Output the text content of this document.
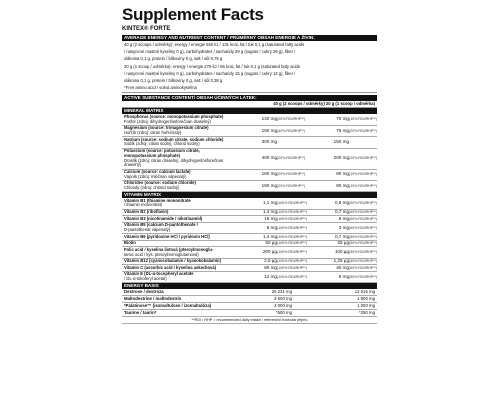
Supplement Facts
KINTEX® FORTE
AVERAGE ENERGY AND NUTRIENT CONTENT / PRŮMĚRNÝ OBSAH ENERGIE A ŽIVIN:
40 g (2 scoops / odměrky): energy / energie 550 kJ / 131 kcal, fat / tuk 0,1 g (saturated fatty acids
/ nasycené mastné kyseliny 0 g), carbohydrates / sacharidy 29 g (sugars / cukry 29 g), fiber /
vláknina 0,1 g, protein / bílkoviny 0 g, salt / sůl 0,75 g
20 g (1 scoop / odměrka): energy / energie 275 kJ / 66 kcal, fat / tuk 0,1 g (saturated fatty acids
/ nasycené mastné kyseliny 0 g), carbohydrates / sacharidy 15 g (sugars / cukry 13 g), fiber /
vláknina 0,1 g, protein / bílkoviny 0 g, salt / sůl 0,38 g
*Free amino acid / volná aminokyselina
ACTIVE SUBSTANCE CONTENT/ OBSAH ÚČINNÝCH LÁTEK:
40 g (2 scoops / odměrky) 20 g (1 scoop / odměrka)
MINERAL MATRIX
Phosphorus (source: monopotassium phosphate)
Fosfor (zdroj: dihydrogenfosforečnan draselný)	140 mg (20% RDI/RHP**)	70 mg (10% RDI/RHP**)
Magnesium (source: trimagnesium citrate)
Hořčík (zdroj: citrán hořečnatý)	150 mg (40% RDI/RHP**)	75 mg (20% RDI/RHP**)
Natrium (source: sodium citrate, sodium chloride)
Sodík (zdroj: citran sodný, chlorid sodný)	300 mg	150 mg
Potassium (source: potassium citrate, monopotassium phosphate)
Draslík (zdroj: citran draselný, dihydrogenfosforečnan draselný)
400 mg (20% RDI/RHP**)	200 mg (10% RDI/RHP**)
Calcium (source: calcium lactate)
Vápník (zdroj: mléčnan vápenatý)	160 mg (20% RDI/RHP**)	80 mg (10% RDI/RHP**)
Chlorides (source: sodium chloride)
Chloridy (zdroj: chlorid sodný)	160 mg (20% RDI/RHP**)	80 mg (10% RDI/RHP**)
VITAMIN MATRIX
Vitamin B1 (thiamine mononitrate
/ thiamin mononitrát)	1,1 mg (100% RDI/RHP**)	0,6 mg (50% RDI/RHP**)
Vitamin B2 (riboflavin)	1,4 mg (100% RDI/RHP**)	0,7 mg (50% RDI/RHP**)
Vitamin B3 (nicotinamide / nikotinamid)	16 mg (100% RDI/RHP**)	8 mg (50% RDI/RHP**)
Vitamin B5 (calcium D-pantothenate /
D-pantothenát vápenatý)	6 mg (100% RDI/RHP**)	3 mg (50% RDI/RHP**)
Vitamin B6 (pyridoxine HCl / pyridoxin HCl)	1,4 mg (100% RDI/RHP**)	0,7 mg (50% RDI/RHP**)
Biotin	50 µg (100% RDI/RHP**)	25 µg (50% RDI/RHP**)
Folic acid / kyselina listová (pteroylmonoglu-
tamic acid / kys. pteroylmonoglutamová)	200 µg (100% RDI/RHP**)	100 µg (50% RDI/RHP**)
Vitamin B12 (cyanocobalamin / kyanokobalamin)	2,5 µg (100% RDI/RHP**)	1,25 µg (50% RDI/RHP**)
Vitamin C (ascorbic acid / kyselina askorbová)	80 mg (100% RDI/RHP**)	40 mg (50% RDI/RHP**)
Vitamin E (DL-α-tocopheryl acetate
/ DL-α-tokoferyl acetát)	12 mg (100% RDI/RHP**)	6 mg (50% RDI/RHP**)
ENERGY BASIS
Dextrose / dextróza	25 231 mg	12 616 mg
Maltodextrine / maltodextrin	3 600 mg	1 800 mg
*Palatinose™ (isomaltulose / izomaltulóza)	2 000 mg	1 000 mg
Taurine / taurin*	*500 mg	*250 mg
**RDI / RHP = recommended daily intake / referenční hodnota příjmu
